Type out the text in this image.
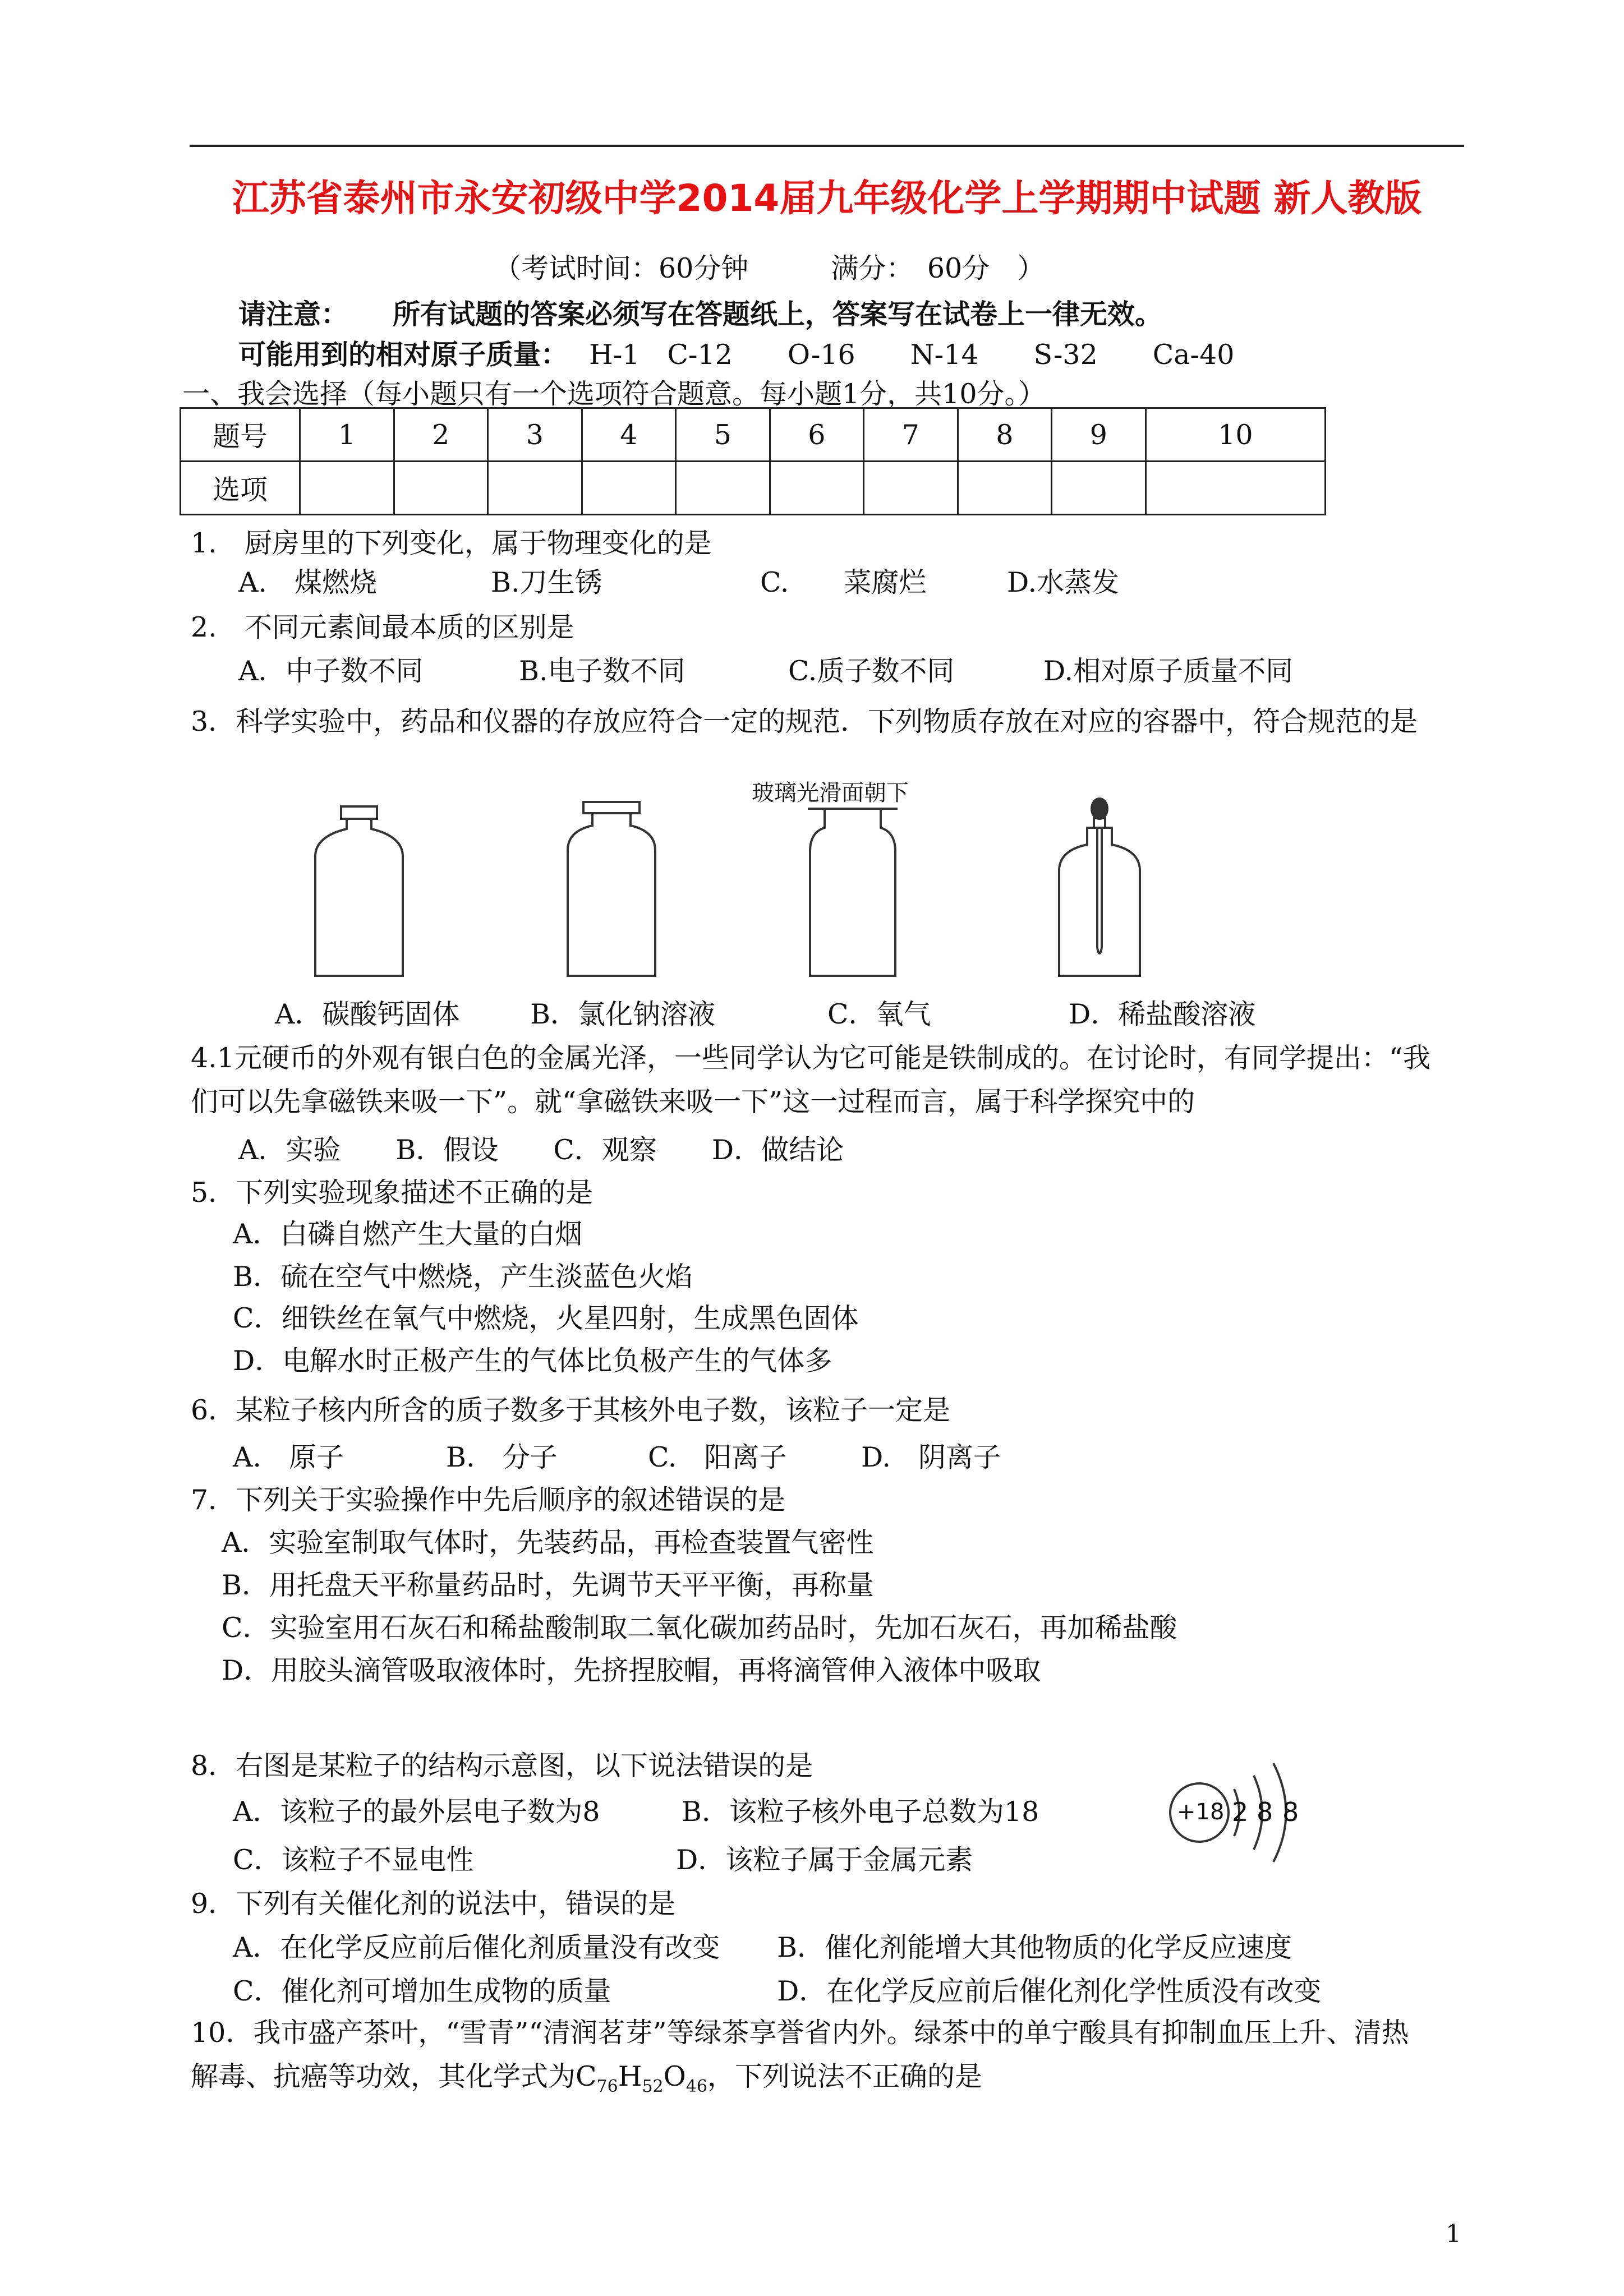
江苏省泰州市永安初级中学2014届九年级化学上学期期中试题 新人教版
（考试时间：60分钟　　　满分：　60分　）
请注意： 所有试题的答案必须写在答题纸上，答案写在试卷上一律无效。
可能用到的相对原子质量： H-1　C-12　　O-16　　N-14　　S-32　　Ca-40
一、我会选择（每小题只有一个选项符合题意。每小题1分，共10分。）
题号	1	2	3	4	5	6	7	8	9	10
选项										
1.　厨房里的下列变化，属于物理变化的是
A.　煤燃烧	B.刀生锈	C.　　菜腐烂	D.水蒸发
2.　不同元素间最本质的区别是
A．中子数不同	B.电子数不同	C.质子数不同	D.相对原子质量不同
3．科学实验中，药品和仪器的存放应符合一定的规范．下列物质存放在对应的容器中，符合规范的是
玻璃光滑面朝下
A．碳酸钙固体	B．氯化钠溶液	C．氧气	D．稀盐酸溶液
4.1元硬币的外观有银白色的金属光泽，一些同学认为它可能是铁制成的。在讨论时，有同学提出：“我
们可以先拿磁铁来吸一下”。就“拿磁铁来吸一下”这一过程而言，属于科学探究中的
A．实验　　B．假设　　C．观察　　D．做结论
5．下列实验现象描述不正确的是
A．白磷自燃产生大量的白烟
B．硫在空气中燃烧，产生淡蓝色火焰
C．细铁丝在氧气中燃烧，火星四射，生成黑色固体
D．电解水时正极产生的气体比负极产生的气体多
6．某粒子核内所含的质子数多于其核外电子数，该粒子一定是
A.　原子	B.　分子	C.　阳离子	D.　阴离子
7．下列关于实验操作中先后顺序的叙述错误的是
A．实验室制取气体时，先装药品，再检查装置气密性
B．用托盘天平称量药品时，先调节天平平衡，再称量
C．实验室用石灰石和稀盐酸制取二氧化碳加药品时，先加石灰石，再加稀盐酸
D．用胶头滴管吸取液体时，先挤捏胶帽，再将滴管伸入液体中吸取
8．右图是某粒子的结构示意图，以下说法错误的是
A．该粒子的最外层电子数为8	B．该粒子核外电子总数为18
C．该粒子不显电性	D．该粒子属于金属元素
+18 2 8 8
9．下列有关催化剂的说法中，错误的是
A．在化学反应前后催化剂质量没有改变 B．催化剂能增大其他物质的化学反应速度
C．催化剂可增加生成物的质量	D．在化学反应前后催化剂化学性质没有改变
10．我市盛产茶叶，“雪青”“清润茗芽”等绿茶享誉省内外。绿茶中的单宁酸具有抑制血压上升、清热
解毒、抗癌等功效，其化学式为$C_{76}H_{52}O_{46}$，下列说法不正确的是
1
